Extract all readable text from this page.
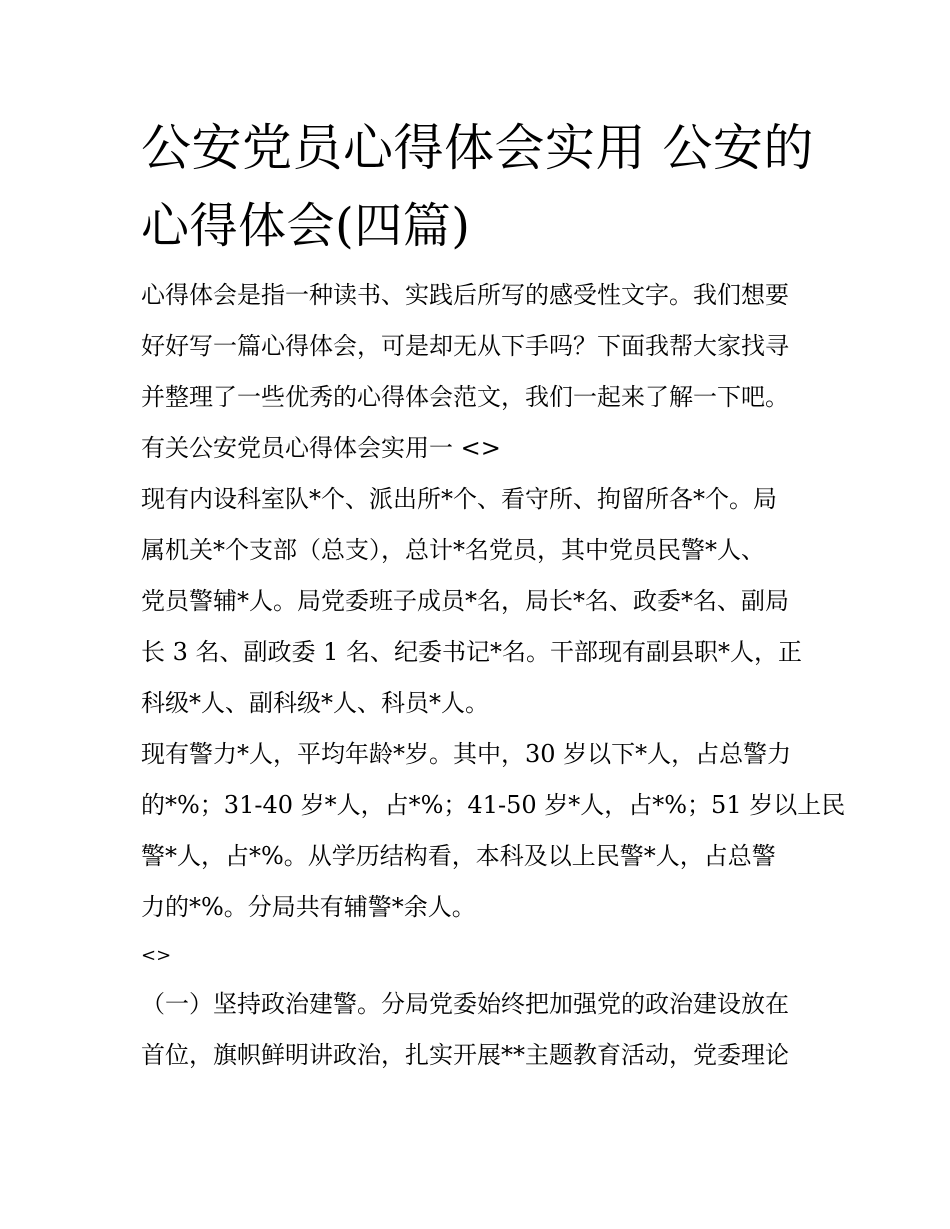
公安党员心得体会实用 公安的
心得体会(四篇)

心得体会是指一种读书、实践后所写的感受性文字。我们想要
好好写一篇心得体会，可是却无从下手吗？下面我帮大家找寻
并整理了一些优秀的心得体会范文，我们一起来了解一下吧。

有关公安党员心得体会实用一 <>

现有内设科室队*个、派出所*个、看守所、拘留所各*个。局
属机关*个支部（总支），总计*名党员，其中党员民警*人、
党员警辅*人。局党委班子成员*名，局长*名、政委*名、副局
长 3 名、副政委 1 名、纪委书记*名。干部现有副县职*人，正
科级*人、副科级*人、科员*人。

现有警力*人，平均年龄*岁。其中，30 岁以下*人，占总警力
的*%；31-40 岁*人，占*%；41-50 岁*人，占*%；51 岁以上民
警*人，占*%。从学历结构看，本科及以上民警*人，占总警
力的*%。分局共有辅警*余人。

<>

（一）坚持政治建警。分局党委始终把加强党的政治建设放在
首位，旗帜鲜明讲政治，扎实开展**主题教育活动，党委理论
